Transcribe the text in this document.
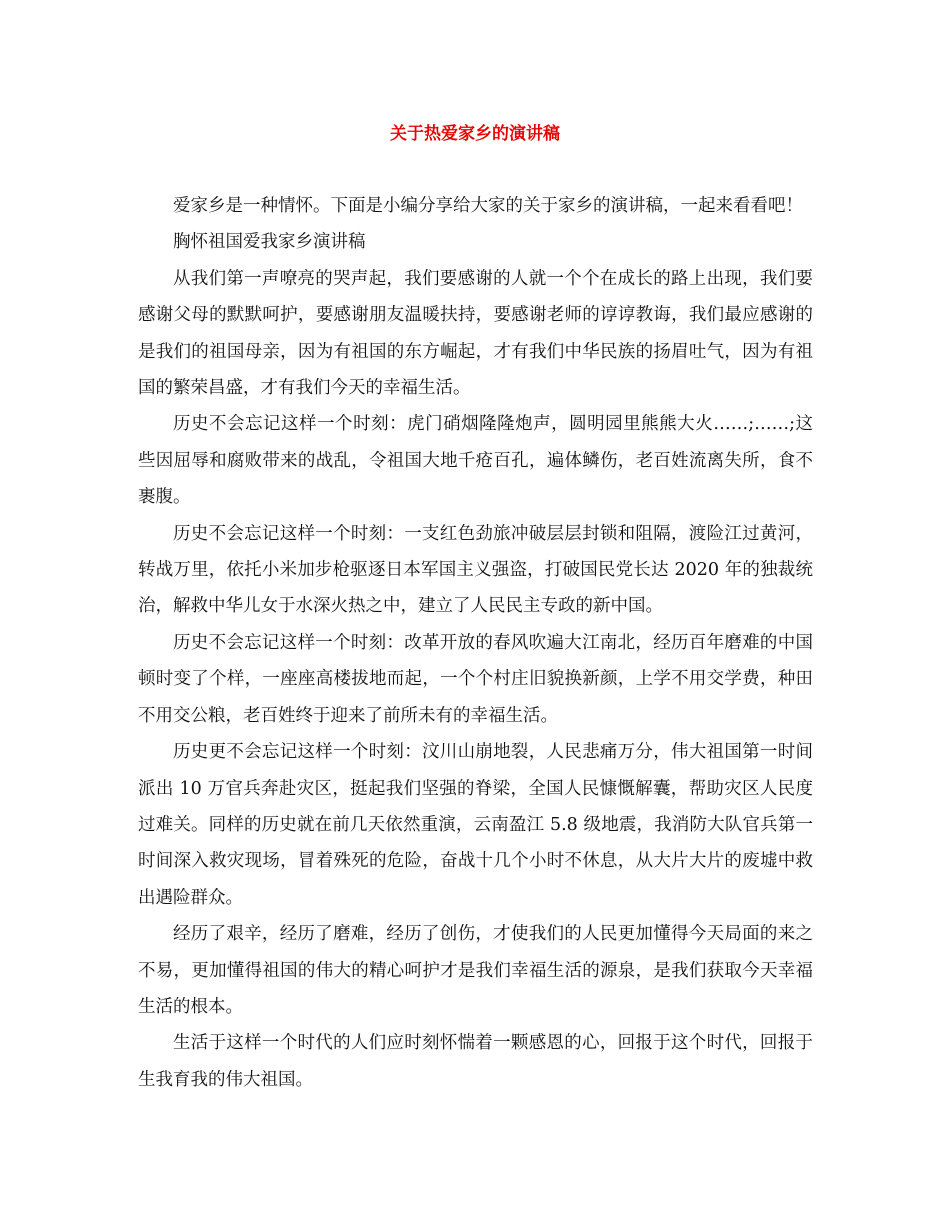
关于热爱家乡的演讲稿

爱家乡是一种情怀。下面是小编分享给大家的关于家乡的演讲稿，一起来看看吧！

胸怀祖国爱我家乡演讲稿

从我们第一声嘹亮的哭声起，我们要感谢的人就一个个在成长的路上出现，我们要感谢父母的默默呵护，要感谢朋友温暖扶持，要感谢老师的谆谆教诲，我们最应感谢的是我们的祖国母亲，因为有祖国的东方崛起，才有我们中华民族的扬眉吐气，因为有祖国的繁荣昌盛，才有我们今天的幸福生活。

历史不会忘记这样一个时刻：虎门硝烟隆隆炮声，圆明园里熊熊大火……;……;这些因屈辱和腐败带来的战乱，令祖国大地千疮百孔，遍体鳞伤，老百姓流离失所，食不裹腹。

历史不会忘记这样一个时刻：一支红色劲旅冲破层层封锁和阻隔，渡险江过黄河，转战万里，依托小米加步枪驱逐日本军国主义强盗，打破国民党长达 2020 年的独裁统治，解救中华儿女于水深火热之中，建立了人民民主专政的新中国。

历史不会忘记这样一个时刻：改革开放的春风吹遍大江南北，经历百年磨难的中国顿时变了个样，一座座高楼拔地而起，一个个村庄旧貌换新颜，上学不用交学费，种田不用交公粮，老百姓终于迎来了前所未有的幸福生活。

历史更不会忘记这样一个时刻：汶川山崩地裂，人民悲痛万分，伟大祖国第一时间派出 10 万官兵奔赴灾区，挺起我们坚强的脊梁，全国人民慷慨解囊，帮助灾区人民度过难关。同样的历史就在前几天依然重演，云南盈江 5.8 级地震，我消防大队官兵第一时间深入救灾现场，冒着殊死的危险，奋战十几个小时不休息，从大片大片的废墟中救出遇险群众。

经历了艰辛，经历了磨难，经历了创伤，才使我们的人民更加懂得今天局面的来之不易，更加懂得祖国的伟大的精心呵护才是我们幸福生活的源泉，是我们获取今天幸福生活的根本。

生活于这样一个时代的人们应时刻怀惴着一颗感恩的心，回报于这个时代，回报于生我育我的伟大祖国。
